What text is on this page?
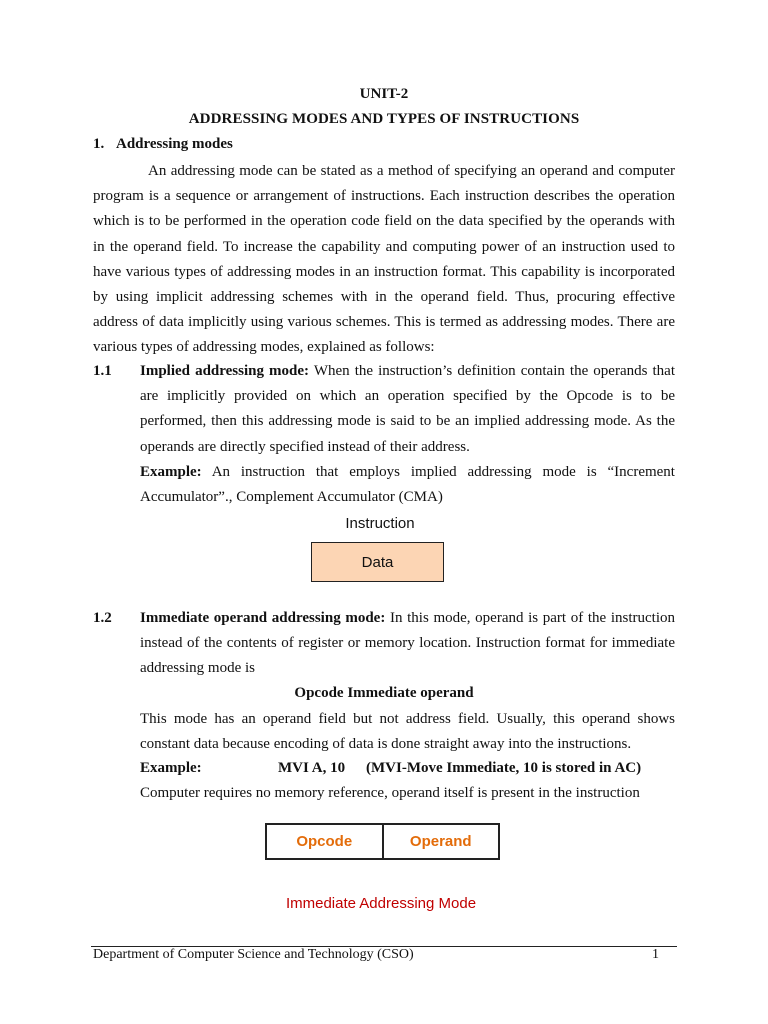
UNIT-2
ADDRESSING MODES AND TYPES OF INSTRUCTIONS
1. Addressing modes

An addressing mode can be stated as a method of specifying an operand and computer program is a sequence or arrangement of instructions. Each instruction describes the operation which is to be performed in the operation code field on the data specified by the operands with in the operand field. To increase the capability and computing power of an instruction used to have various types of addressing modes in an instruction format. This capability is incorporated by using implicit addressing schemes with in the operand field. Thus, procuring effective address of data implicitly using various schemes. This is termed as addressing modes. There are various types of addressing modes, explained as follows:

1.1 Implied addressing mode: When the instruction’s definition contain the operands that are implicitly provided on which an operation specified by the Opcode is to be performed, then this addressing mode is said to be an implied addressing mode. As the operands are directly specified instead of their address.

Example: An instruction that employs implied addressing mode is “Increment Accumulator”., Complement Accumulator (CMA)

Instruction
Data
1.2 Immediate operand addressing mode: In this mode, operand is part of the instruction instead of the contents of register or memory location. Instruction format for immediate addressing mode is

Opcode Immediate operand

This mode has an operand field but not address field. Usually, this operand shows constant data because encoding of data is done straight away into the instructions.

Example:	MVI A, 10 (MVI-Move Immediate, 10 is stored in AC)
Computer requires no memory reference, operand itself is present in the instruction
Opcode	Operand
Immediate Addressing Mode
Department of Computer Science and Technology (CSO)	1
